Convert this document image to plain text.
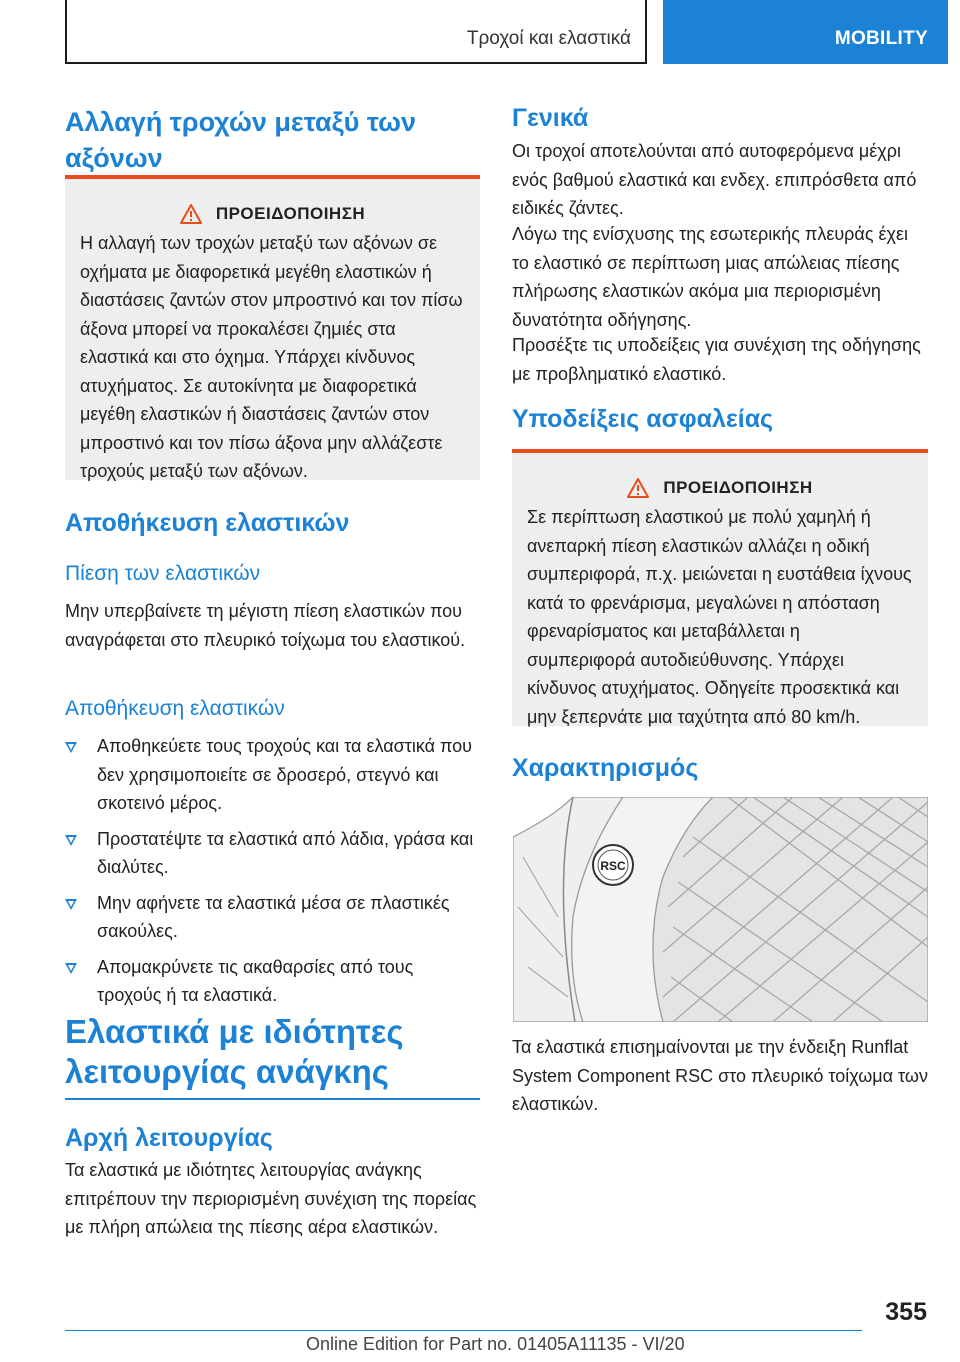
Τροχοί και ελαστικά	MOBILITY
Αλλαγή τροχών μεταξύ των αξόνων
ΠΡΟΕΙΔΟΠΟΙΗΣΗ

Η αλλαγή των τροχών μεταξύ των αξόνων σε οχήματα με διαφορετικά μεγέθη ελαστικών ή διαστάσεις ζαντών στον μπροστινό και τον πίσω άξονα μπορεί να προκαλέσει ζημιές στα ελαστικά και στο όχημα. Υπάρχει κίνδυνος ατυχήματος. Σε αυτοκίνητα με διαφορετικά μεγέθη ελαστικών ή διαστάσεις ζαντών στον μπροστινό και τον πίσω άξονα μην αλλάζεστε τροχούς μεταξύ των αξόνων.

Αποθήκευση ελαστικών
Πίεση των ελαστικών

Μην υπερβαίνετε τη μέγιστη πίεση ελαστικών που αναγράφεται στο πλευρικό τοίχωμα του ελαστικού.

Αποθήκευση ελαστικών
Αποθηκεύετε τους τροχούς και τα ελαστικά που δεν χρησιμοποιείτε σε δροσερό, στεγνό και σκοτεινό μέρος.
Προστατέψτε τα ελαστικά από λάδια, γράσα και διαλύτες.
Μην αφήνετε τα ελαστικά μέσα σε πλαστικές σακούλες.
Απομακρύνετε τις ακαθαρσίες από τους τροχούς ή τα ελαστικά.
Ελαστικά με ιδιότητες λειτουργίας ανάγκης
Αρχή λειτουργίας

Τα ελαστικά με ιδιότητες λειτουργίας ανάγκης επιτρέπουν την περιορισμένη συνέχιση της πορείας με πλήρη απώλεια της πίεσης αέρα ελαστικών.

Γενικά

Οι τροχοί αποτελούνται από αυτοφερόμενα μέχρι ενός βαθμού ελαστικά και ενδεχ. επιπρόσθετα από ειδικές ζάντες.

Λόγω της ενίσχυσης της εσωτερικής πλευράς έχει το ελαστικό σε περίπτωση μιας απώλειας πίεσης πλήρωσης ελαστικών ακόμα μια περιορισμένη δυνατότητα οδήγησης.

Προσέξτε τις υποδείξεις για συνέχιση της οδήγησης με προβληματικό ελαστικό.

Υποδείξεις ασφαλείας
ΠΡΟΕΙΔΟΠΟΙΗΣΗ

Σε περίπτωση ελαστικού με πολύ χαμηλή ή ανεπαρκή πίεση ελαστικών αλλάζει η οδική συμπεριφορά, π.χ. μειώνεται η ευστάθεια ίχνους κατά το φρενάρισμα, μεγαλώνει η απόσταση φρεναρίσματος και μεταβάλλεται η συμπεριφορά αυτοδιεύθυνσης. Υπάρχει κίνδυνος ατυχήματος. Οδηγείτε προσεκτικά και μην ξεπερνάτε μια ταχύτητα από 80 km/h.

Χαρακτηρισμός
RSC

Τα ελαστικά επισημαίνονται με την ένδειξη Runflat System Component RSC στο πλευρικό τοίχωμα των ελαστικών.

355
Online Edition for Part no. 01405A11135 - VI/20
